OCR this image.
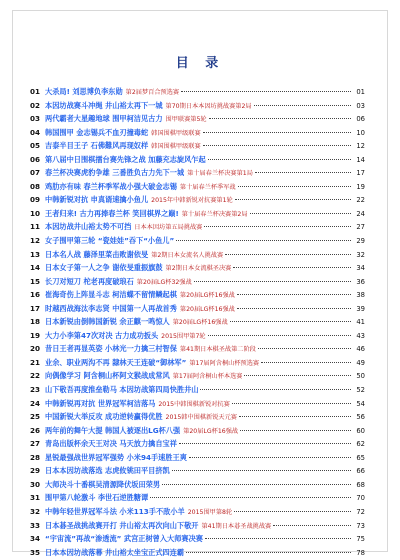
目 录
01 大杀局! 刘思博负李东勋 第2届梦百合预选赛	01
02 本因坊战赛斗冲绳 井山裕太再下一城 第70期日本本因坊挑战赛第2局	03
03 两代霸者大星趣地球 围甲柯洁见古力 围甲联赛第5轮	06
04 韩国围甲 金志锡兵不血刃撞毒蛇 韩国围棋甲级联赛	10
05 吉泰半目王子 石佛難风再现奴样 韩国围棋甲级联赛	12
06 第八届中日围棋擂台赛先锋之战 加藤充志旋风乍起	14
07 春兰杯决赛虎豹争雄 三番胜负古力先下一城 第十届春兰杯决赛第1局	17
08 鸡肋亦有味 春兰杯季军战小强大破金志锡 第十届春兰杯季军战	19
09 中韩新锐对抗 申真谞速擒小鱼儿 2015年中韩新锐对抗赛第1轮	22
10 王者归来! 古力再捧春兰杯 笑回棋界之巅! 第十届春兰杯决赛第2局	24
11 本因坊战井山裕太势不可挡 日本本因坊第五局挑战赛	27
12 女子围甲第三轮 “瓷娃娃”吞下“小鱼儿”	29
13 日本名人战 藤泽里菜击败谢依旻 第2期日本女流名人挑战赛	32
14 日本女子第一人之争 谢依旻重振旗鼓 第2期日本女流棋圣决赛	34
15 长刀对短刀 柁老再度破琅石 第20届LG杯32强战	36
16 崔海奇伤上阵显斗志 柯洁蝶不留情鳞起棋 第20届LG杯16强战	38
17 时越西战海汰李志贤 中国第一人再战首秀 第20届LG杯16强战	39
18 日本新锐由倒韩国新锐 余正麒一鸣惊人 第20届LG杯16强战	41
19 大力小李第47次对决 古力成功扳头 2015围甲第7轮	43
20 昔日王者再显英姿 小林光一力擒三村智保 第41期日本棋圣战第二阶段	46
21 业余、职业两沟不再 隸林天王连破“御林军” 第17届阿含桐山杯预选赛	49
22 向偶像学习 阿含桐山杯阿文猴战成常风 第17届阿含桐山杯本选赛	50
23 山下敬吾再度推垒勒马 本因坊战第四局快胜井山	52
24 中韩新锐再对抗 世界冠军柯洁落马 2015中韩围棋新锐对抗赛	54
25 中国新锐大举反攻 成功逆转赢得优胜 2015韩中围棋新锐天元赛	56
26 两年前的舞午大提 韩国人被逐出LG杯八强 第20届LG杯16强战	60
27 青岛出版杯余天王对决 马天放力擒自宝祥	62
28 星锐最强战世界冠军强势 小米94手速胜王爽	65
29 日本本因坊战落选 志虎攸铫田平目挤凯	66
30 大师决斗十番棋吴清源降伏坂田荣男	68
31 围甲第八轮激斗 李世石逆胜糖谭	70
32 中韩年轻世界冠军斗法 小米113手不敌小羊 2015围甲第8轮	72
33 日本碁圣战挑战赛开打 井山裕太再次向山下敬开 第41期日本碁圣战挑战赛	73
34 “宇宙流”再战“渗透流” 武宫正树曾入大师赛决赛	75
35 日本本因坊战落幕 井山裕太坐宝正式四连霸	78
